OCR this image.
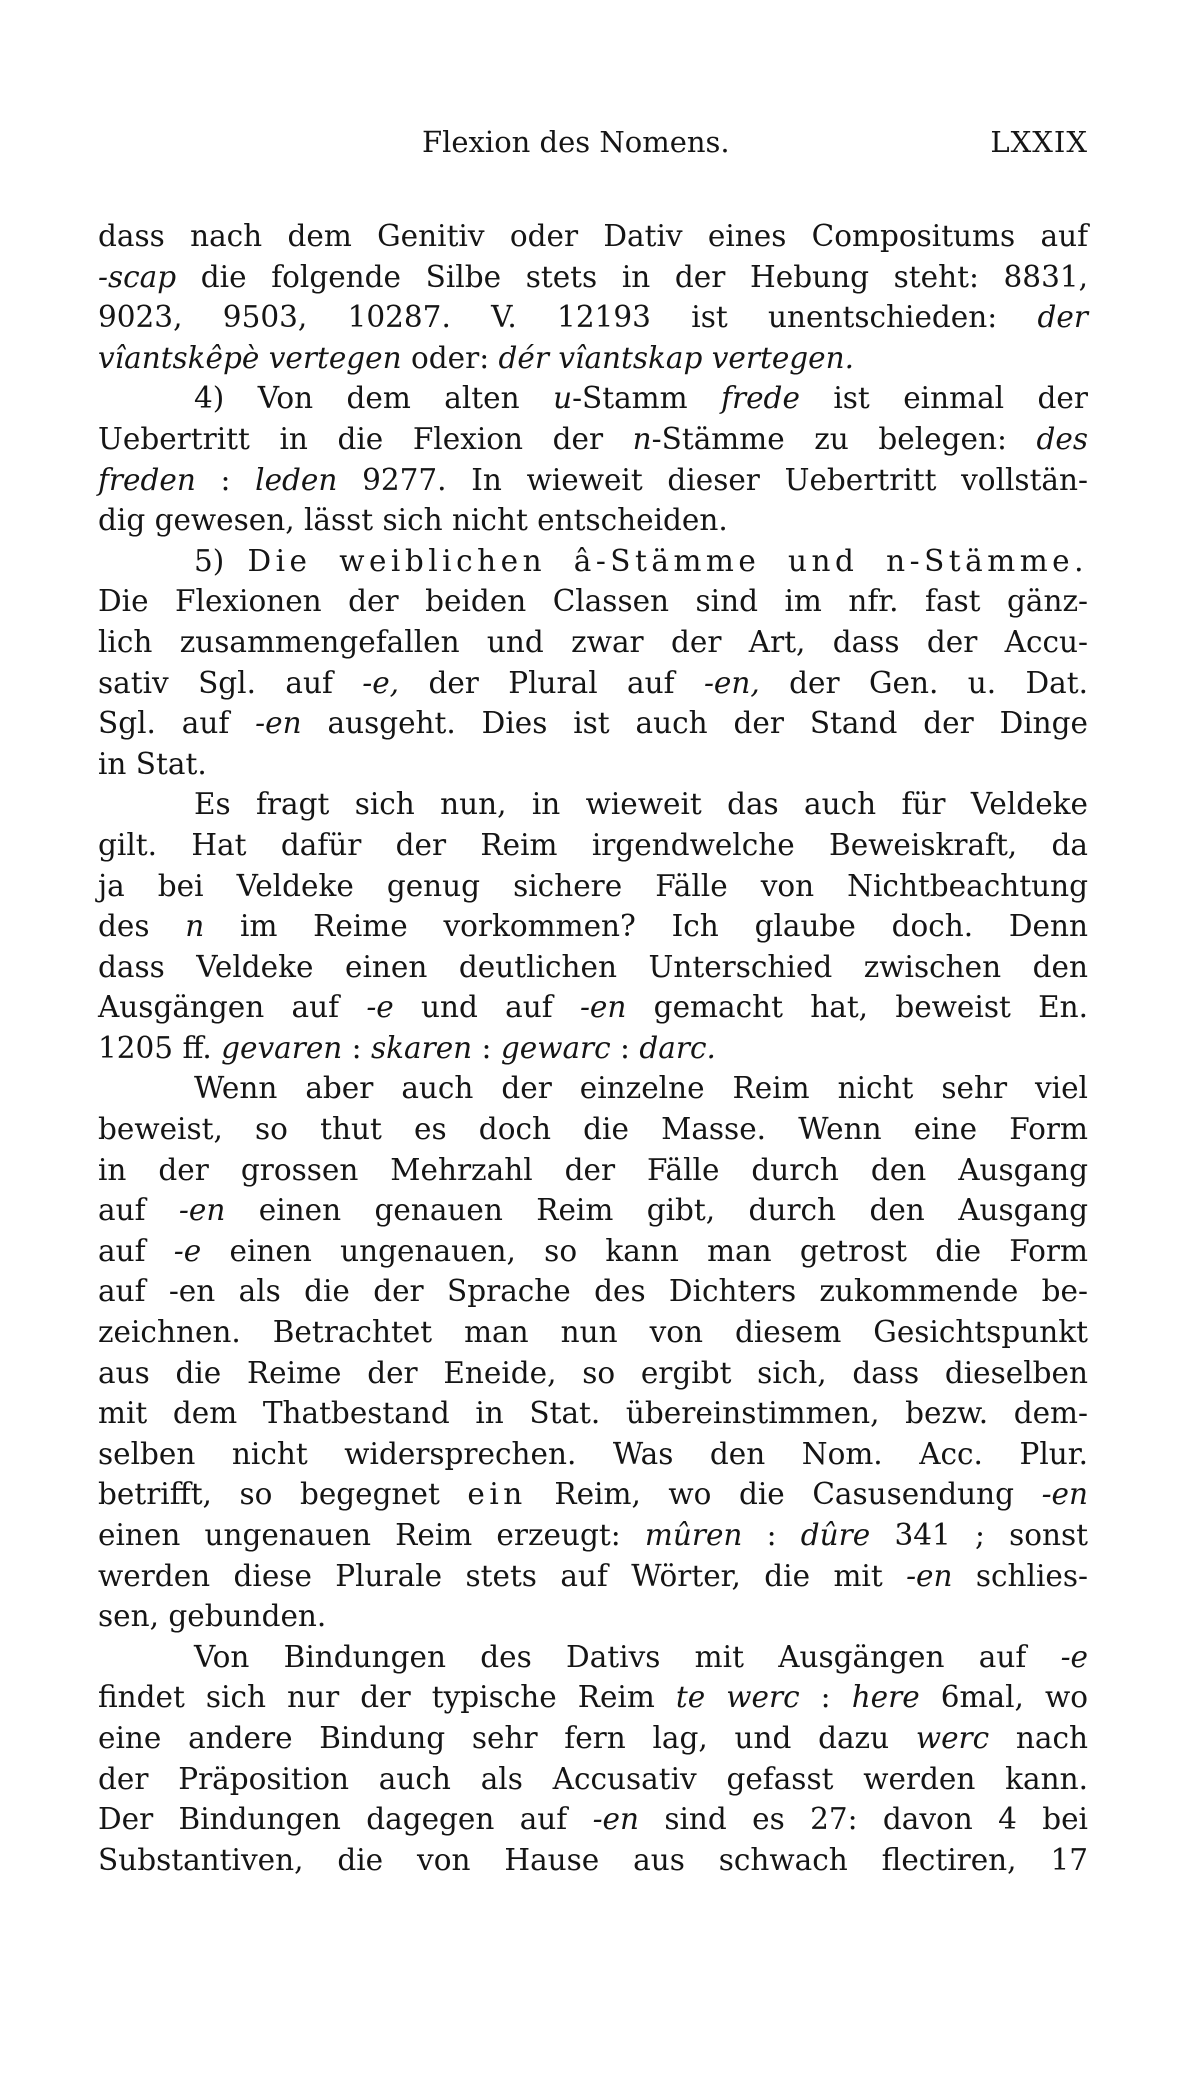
Flexion des Nomens.	LXXIX
dass nach dem Genitiv oder Dativ eines Compositums auf
-scap die folgende Silbe stets in der Hebung steht: 8831,
9023, 9503, 10287. V. 12193 ist unentschieden: der
vîantskêpè vertegen oder: dér vîantskap vertegen.
4) Von dem alten u-Stamm frede ist einmal der
Uebertritt in die Flexion der n-Stämme zu belegen: des
freden : leden 9277. In wieweit dieser Uebertritt vollstän-
dig gewesen, lässt sich nicht entscheiden.
5) Die weiblichen â-Stämme und n-Stämme.
Die Flexionen der beiden Classen sind im nfr. fast gänz-
lich zusammengefallen und zwar der Art, dass der Accu-
sativ Sgl. auf -e, der Plural auf -en, der Gen. u. Dat.
Sgl. auf -en ausgeht. Dies ist auch der Stand der Dinge
in Stat.
Es fragt sich nun, in wieweit das auch für Veldeke
gilt. Hat dafür der Reim irgendwelche Beweiskraft, da
ja bei Veldeke genug sichere Fälle von Nichtbeachtung
des n im Reime vorkommen? Ich glaube doch. Denn
dass Veldeke einen deutlichen Unterschied zwischen den
Ausgängen auf -e und auf -en gemacht hat, beweist En.
1205 ff. gevaren : skaren : gewarc : darc.
Wenn aber auch der einzelne Reim nicht sehr viel
beweist, so thut es doch die Masse. Wenn eine Form
in der grossen Mehrzahl der Fälle durch den Ausgang
auf -en einen genauen Reim gibt, durch den Ausgang
auf -e einen ungenauen, so kann man getrost die Form
auf -en als die der Sprache des Dichters zukommende be-
zeichnen. Betrachtet man nun von diesem Gesichtspunkt
aus die Reime der Eneide, so ergibt sich, dass dieselben
mit dem Thatbestand in Stat. übereinstimmen, bezw. dem-
selben nicht widersprechen. Was den Nom. Acc. Plur.
betrifft, so begegnet ein Reim, wo die Casusendung -en
einen ungenauen Reim erzeugt: mûren : dûre 341 ; sonst
werden diese Plurale stets auf Wörter, die mit -en schlies-
sen, gebunden.
Von Bindungen des Dativs mit Ausgängen auf -e
findet sich nur der typische Reim te werc : here 6mal, wo
eine andere Bindung sehr fern lag, und dazu werc nach
der Präposition auch als Accusativ gefasst werden kann.
Der Bindungen dagegen auf -en sind es 27: davon 4 bei
Substantiven, die von Hause aus schwach flectiren, 17
